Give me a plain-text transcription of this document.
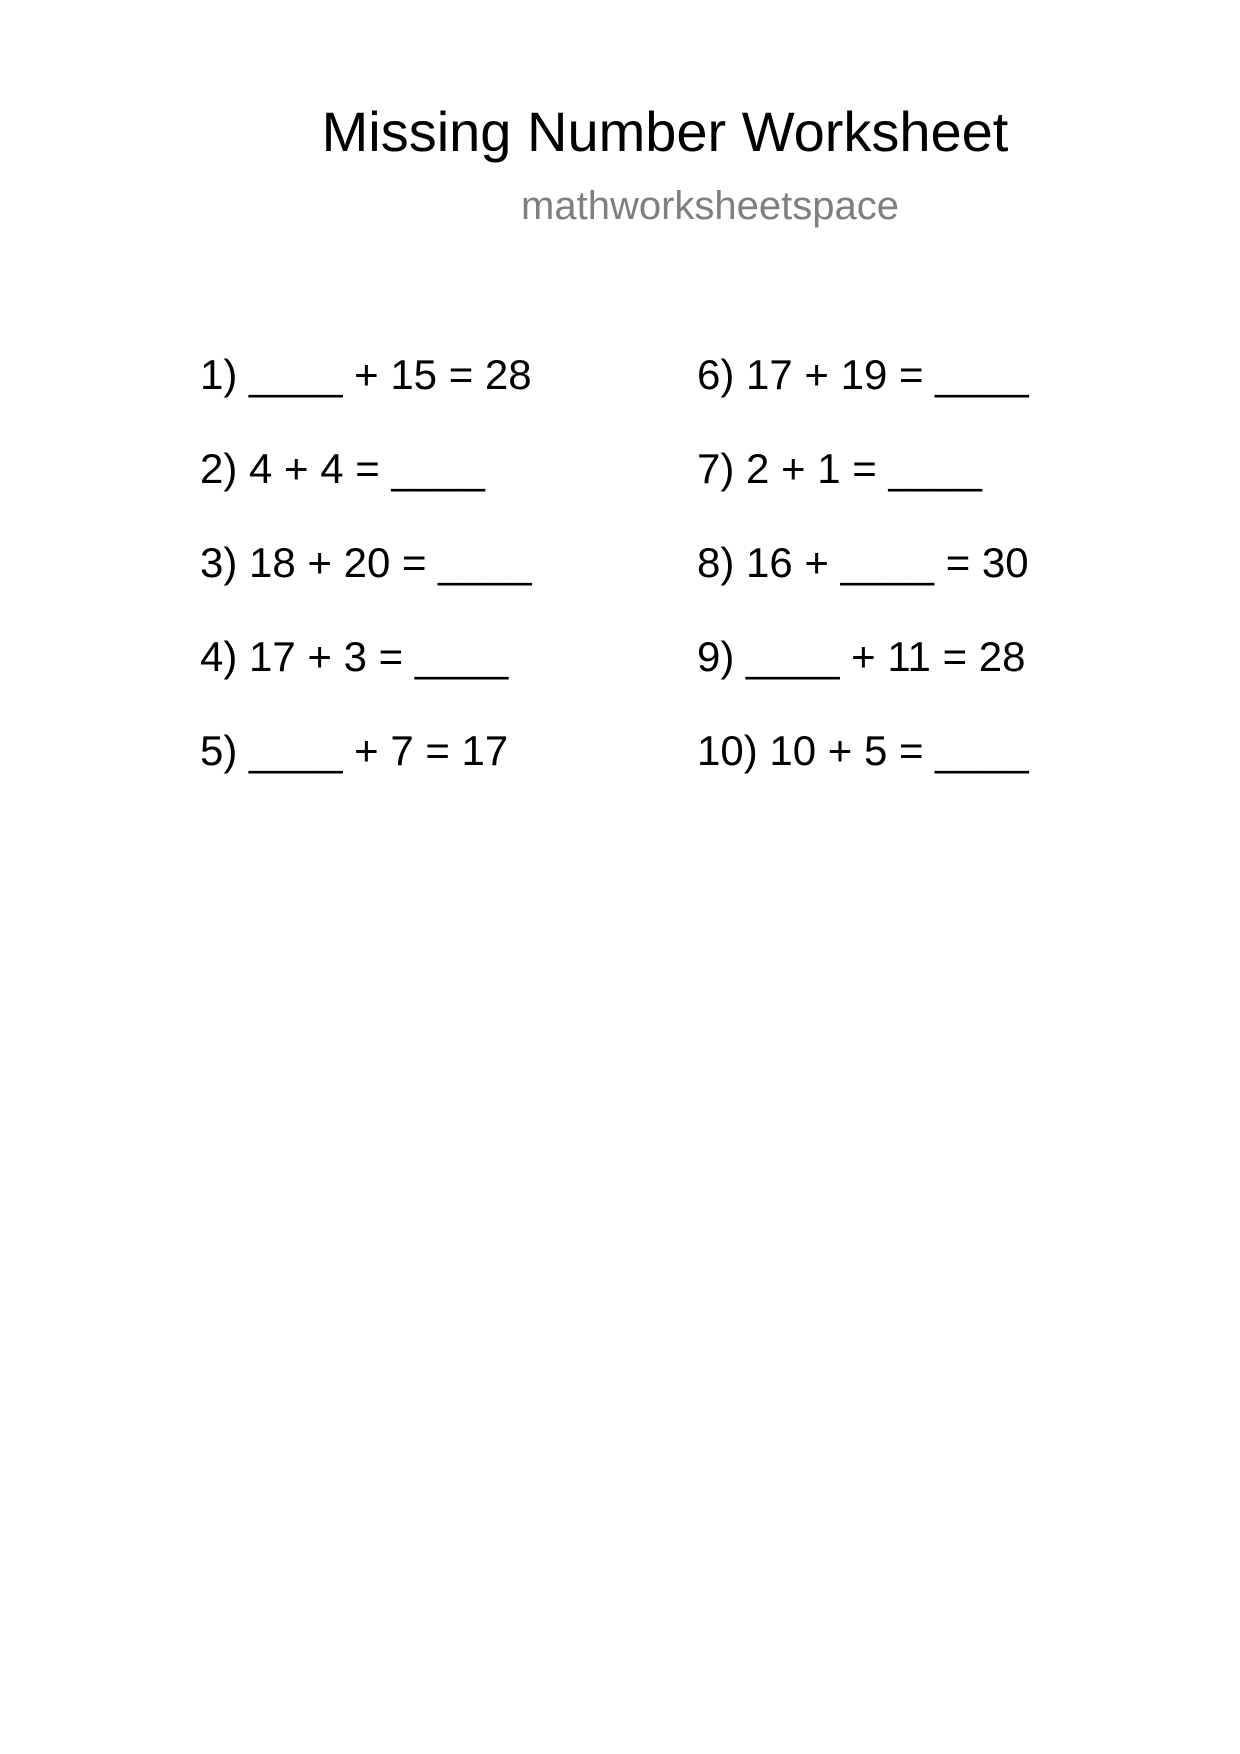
Missing Number Worksheet
mathworksheetspace
1) ____ + 15 = 28
2) 4 + 4 = ____
3) 18 + 20 = ____
4) 17 + 3 = ____
5) ____ + 7 = 17
6) 17 + 19 = ____
7) 2 + 1 = ____
8) 16 + ____ = 30
9) ____ + 11 = 28
10) 10 + 5 = ____
